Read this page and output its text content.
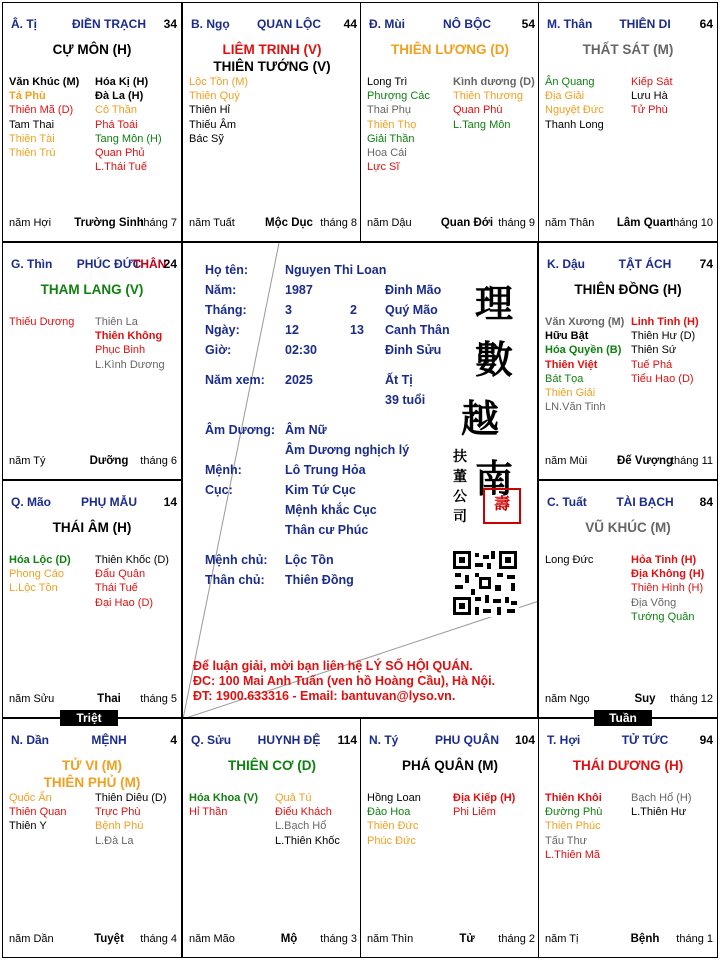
Â. Tị	ĐIỀN TRẠCH	34
CỰ MÔN (H)
Văn Khúc (M)
Tả Phù
Thiên Mã (D)
Tam Thai
Thiên Tài
Thiên Trù
Hóa Kị (H)
Đà La (H)
Cô Thần
Phá Toái
Tang Môn (H)
Quan Phủ
L.Thái Tuế
năm Hợi	Trường Sinh
tháng 7
B. Ngọ	QUAN LỘC	44
LIÊM TRINH (V)
THIÊN TƯỚNG (V)
Lộc Tồn (M)
Thiên Quý
Thiên Hỉ
Thiếu Âm
Bác Sỹ
năm Tuất	Mộc Dục tháng 8
Đ. Mùi	NÔ BỘC	54
THIÊN LƯƠNG (D)
Long Trì
Phượng Các
Thai Phụ
Thiên Thọ
Giải Thần
Hoa Cái
Lực Sĩ
Kình dương (D)
Thiên Thương
Quan Phù
L.Tang Môn
năm Dậu	Quan Đới tháng 9
M. Thân	THIÊN DI	64
THẤT SÁT (M)
Ân Quang
Địa Giải
Nguyệt Đức
Thanh Long
Kiếp Sát
Lưu Hà
Tử Phù
năm Thân	Lâm Quan
tháng 10
G. Thìn	PHÚC ĐỨC
THÂN
24
THAM LANG (V)
Thiếu Dương Thiên La
Thiên Không
Phục Binh
L.Kình Dương
năm Tý	Dưỡng	tháng 6
K. Dậu	TẬT ÁCH	74
THIÊN ĐỒNG (H)
Văn Xương (M)
Hữu Bật
Hóa Quyền (B)
Thiên Việt
Bát Tọa
Thiên Giải
LN.Văn Tinh
Linh Tinh (H)
Thiên Hư (D)
Thiên Sứ
Tuế Phá
Tiểu Hao (D)
năm Mùi	Đế Vượng
tháng 11
Q. Mão	PHỤ MẪU	14
THÁI ÂM (H)
Hóa Lộc (D)
Phong Cáo
L.Lộc Tồn
Thiên Khốc (D)
Đẩu Quân
Thái Tuế
Đại Hao (D)
năm Sửu	Thai	tháng 5
C. Tuất	TÀI BẠCH	84
VŨ KHÚC (M)
Long Đức	Hỏa Tinh (H)
Địa Không (H)
Thiên Hình (H)
Địa Võng
Tướng Quân
năm Ngọ	Suy	tháng 12
N. Dần	MỆNH	4
TỬ VI (M)
THIÊN PHỦ (M)
Quốc Ấn
Thiên Quan
Thiên Y
Thiên Diêu (D)
Trực Phù
Bệnh Phù
L.Đà La
năm Dần	Tuyệt	tháng 4
Q. Sửu	HUYNH ĐỆ	114
THIÊN CƠ (D)
Hóa Khoa (V)
Hỉ Thần
Quả Tú
Điếu Khách
L.Bạch Hổ
L.Thiên Khốc
năm Mão	Mộ	tháng 3
N. Tý	PHU QUÂN	104
PHÁ QUÂN (M)
Hồng Loan
Đào Hoa
Thiên Đức
Phúc Đức
Địa Kiếp (H)
Phi Liêm
năm Thìn	Tử	tháng 2
T. Hợi	TỬ TỨC	94
THÁI DƯƠNG (H)
Thiên Khôi
Đường Phù
Thiên Phúc
Tấu Thư
L.Thiên Mã
Bạch Hổ (H)
L.Thiên Hư
năm Tị	Bệnh	tháng 1
Họ tên:	Nguyen Thi Loan
Năm:	1987	Đinh Mão
Tháng:	3	2 Quý Mão
Ngày:	12	13 Canh Thân
Giờ:	02:30	Đinh Sửu
Năm xem: 2025	Ất Tị
39 tuổi
Âm Dương: Âm Nữ
Âm Dương nghịch lý
Mệnh:	Lô Trung Hỏa
Cục:	Kim Tứ Cục
Mệnh khắc Cục
Thân cư Phúc
Mệnh chủ: Lộc Tồn
Thân chủ: Thiên Đồng
理
數
越
南
壽
扶
董
公
司
Để luận giải, mời bạn liên hệ LÝ SỐ HỘI QUÁN.
ĐC: 100 Mai Anh Tuấn (ven hồ Hoàng Cầu), Hà Nội.
ĐT: 1900.633316 - Email: bantuvan@lyso.vn.
Triệt	Tuần
